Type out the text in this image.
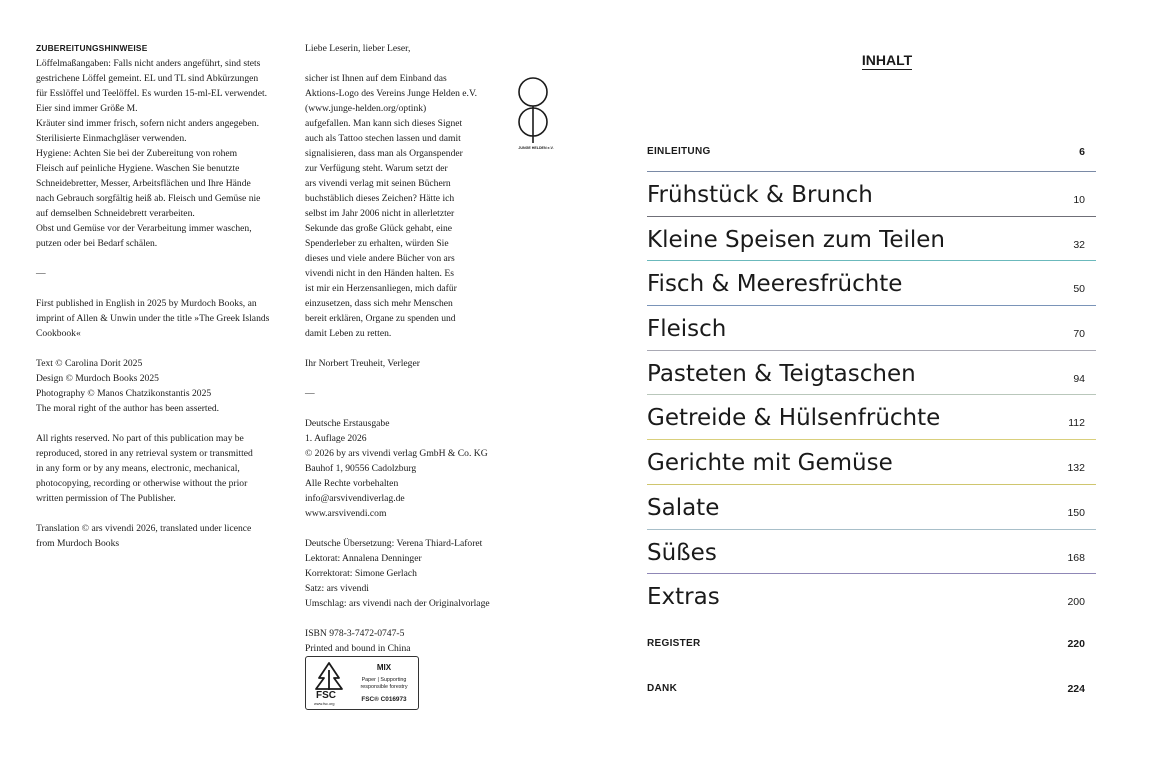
ZUBEREITUNGSHINWEISE

Löffelmaßangaben: Falls nicht anders angeführt, sind stets

gestrichene Löffel gemeint. EL und TL sind Abkürzungen

für Esslöffel und Teelöffel. Es wurden 15-ml-EL verwendet.

Eier sind immer Größe M.

Kräuter sind immer frisch, sofern nicht anders angegeben.

Sterilisierte Einmachgläser verwenden.

Hygiene: Achten Sie bei der Zubereitung von rohem

Fleisch auf peinliche Hygiene. Waschen Sie benutzte

Schneidebretter, Messer, Arbeitsflächen und Ihre Hände

nach Gebrauch sorgfältig heiß ab. Fleisch und Gemüse nie

auf demselben Schneidebrett verarbeiten.

Obst und Gemüse vor der Verarbeitung immer waschen,

putzen oder bei Bedarf schälen.

—

First published in English in 2025 by Murdoch Books, an

imprint of Allen & Unwin under the title »The Greek Islands

Cookbook«

Text © Carolina Dorit 2025

Design © Murdoch Books 2025

Photography © Manos Chatzikonstantis 2025

The moral right of the author has been asserted.

All rights reserved. No part of this publication may be

reproduced, stored in any retrieval system or transmitted

in any form or by any means, electronic, mechanical,

photocopying, recording or otherwise without the prior

written permission of The Publisher.

Translation © ars vivendi 2026, translated under licence

from Murdoch Books

Liebe Leserin, lieber Leser,

sicher ist Ihnen auf dem Einband das

Aktions-Logo des Vereins Junge Helden e.V.

(www.junge-helden.org/optink)

aufgefallen. Man kann sich dieses Signet

auch als Tattoo stechen lassen und damit

signalisieren, dass man als Organspender

zur Verfügung steht. Warum setzt der

ars vivendi verlag mit seinen Büchern

buchstäblich dieses Zeichen? Hätte ich

selbst im Jahr 2006 nicht in allerletzter

Sekunde das große Glück gehabt, eine

Spenderleber zu erhalten, würden Sie

dieses und viele andere Bücher von ars

vivendi nicht in den Händen halten. Es

ist mir ein Herzensanliegen, mich dafür

einzusetzen, dass sich mehr Menschen

bereit erklären, Organe zu spenden und

damit Leben zu retten.

Ihr Norbert Treuheit, Verleger

—

Deutsche Erstausgabe

1. Auflage 2026

© 2026 by ars vivendi verlag GmbH & Co. KG

Bauhof 1, 90556 Cadolzburg

Alle Rechte vorbehalten

info@arsvivendiverlag.de

www.arsvivendi.com

Deutsche Übersetzung: Verena Thiard-Laforet

Lektorat: Annalena Denninger

Korrektorat: Simone Gerlach

Satz: ars vivendi

Umschlag: ars vivendi nach der Originalvorlage

ISBN 978-3-7472-0747-5

Printed and bound in China

JUNGE HELDEN e.V.
FSC
www.fsc.org
MIX
Paper | Supporting
responsible forestry
FSC® C016973
INHALT
EINLEITUNG	6
Frühstück & Brunch	10
Kleine Speisen zum Teilen	32
Fisch & Meeresfrüchte	50
Fleisch	70
Pasteten & Teigtaschen	94
Getreide & Hülsenfrüchte	112
Gerichte mit Gemüse	132
Salate	150
Süßes	168
Extras	200
REGISTER	220
DANK	224
